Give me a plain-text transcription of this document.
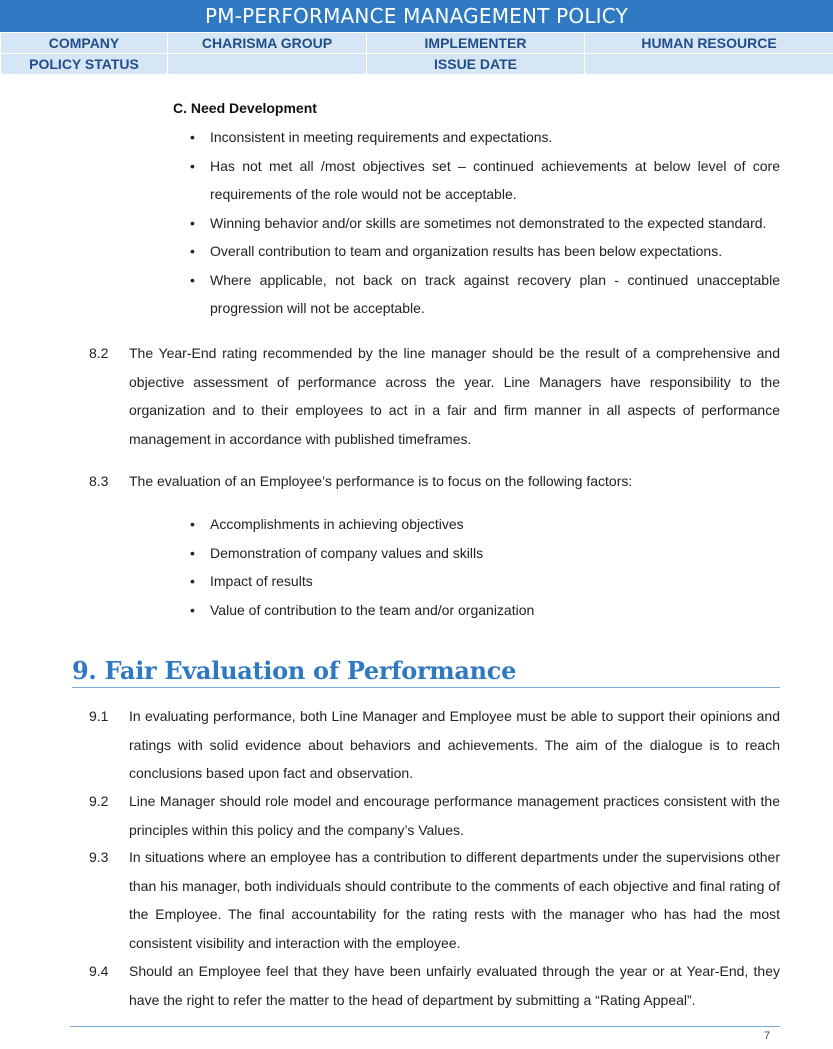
PM-PERFORMANCE MANAGEMENT POLICY
COMPANY	CHARISMA GROUP	IMPLEMENTER	HUMAN RESOURCE
POLICY STATUS		ISSUE DATE	
C. Need Development
• Inconsistent in meeting requirements and expectations.
• Has not met all /most objectives set – continued achievements at below level of core requirements of the role would not be acceptable.
• Winning behavior and/or skills are sometimes not demonstrated to the expected standard.
• Overall contribution to team and organization results has been below expectations.
• Where applicable, not back on track against recovery plan - continued unacceptable progression will not be acceptable.
8.2	The Year-End rating recommended by the line manager should be the result of a comprehensive and objective assessment of performance across the year. Line Managers have responsibility to the organization and to their employees to act in a fair and firm manner in all aspects of performance management in accordance with published timeframes.
8.3	The evaluation of an Employee’s performance is to focus on the following factors:
• Accomplishments in achieving objectives
• Demonstration of company values and skills
• Impact of results
• Value of contribution to the team and/or organization
9. Fair Evaluation of Performance
9.1	In evaluating performance, both Line Manager and Employee must be able to support their opinions and ratings with solid evidence about behaviors and achievements. The aim of the dialogue is to reach conclusions based upon fact and observation.
9.2	Line Manager should role model and encourage performance management practices consistent with the principles within this policy and the company’s Values.
9.3	In situations where an employee has a contribution to different departments under the supervisions other than his manager, both individuals should contribute to the comments of each objective and final rating of the Employee. The final accountability for the rating rests with the manager who has had the most consistent visibility and interaction with the employee.
9.4	Should an Employee feel that they have been unfairly evaluated through the year or at Year-End, they have the right to refer the matter to the head of department by submitting a “Rating Appeal”.
7
